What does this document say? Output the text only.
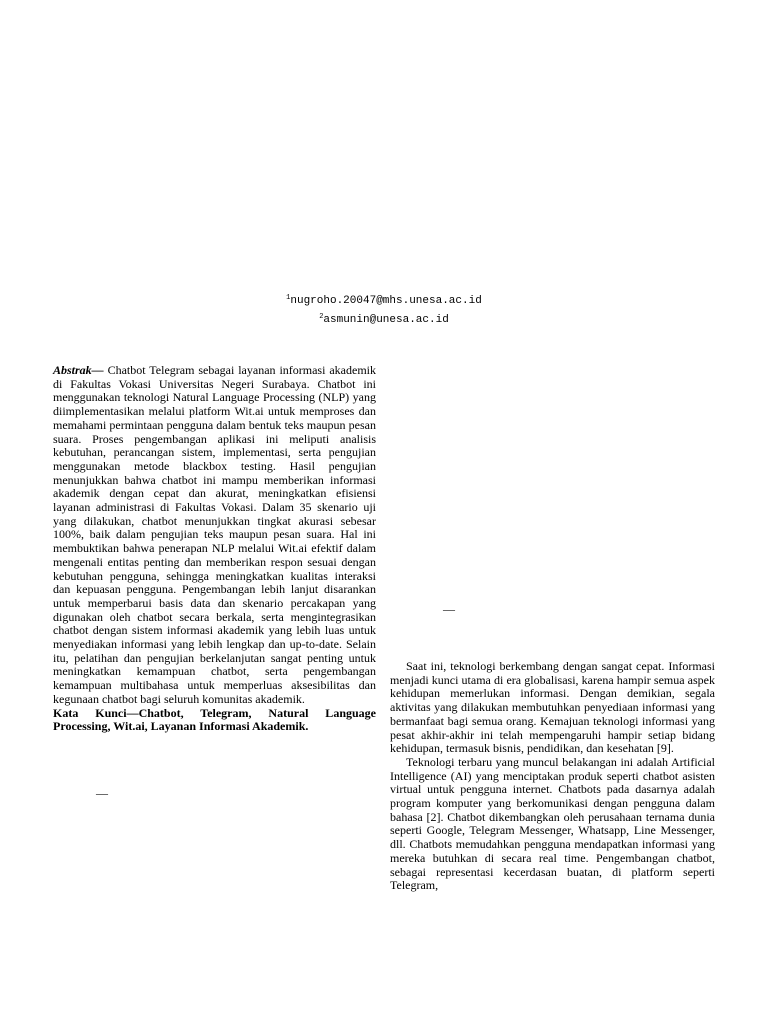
$^1$nugroho.20047@mhs.unesa.ac.id
$^2$asmunin@unesa.ac.id

Abstrak— Chatbot Telegram sebagai layanan informasi akademik di Fakultas Vokasi Universitas Negeri Surabaya. Chatbot ini menggunakan teknologi Natural Language Processing (NLP) yang diimplementasikan melalui platform Wit.ai untuk memproses dan memahami permintaan pengguna dalam bentuk teks maupun pesan suara. Proses pengembangan aplikasi ini meliputi analisis kebutuhan, perancangan sistem, implementasi, serta pengujian menggunakan metode blackbox testing. Hasil pengujian menunjukkan bahwa chatbot ini mampu memberikan informasi akademik dengan cepat dan akurat, meningkatkan efisiensi layanan administrasi di Fakultas Vokasi. Dalam 35 skenario uji yang dilakukan, chatbot menunjukkan tingkat akurasi sebesar 100%, baik dalam pengujian teks maupun pesan suara. Hal ini membuktikan bahwa penerapan NLP melalui Wit.ai efektif dalam mengenali entitas penting dan memberikan respon sesuai dengan kebutuhan pengguna, sehingga meningkatkan kualitas interaksi dan kepuasan pengguna. Pengembangan lebih lanjut disarankan untuk memperbarui basis data dan skenario percakapan yang digunakan oleh chatbot secara berkala, serta mengintegrasikan chatbot dengan sistem informasi akademik yang lebih luas untuk menyediakan informasi yang lebih lengkap dan up-to-date. Selain itu, pelatihan dan pengujian berkelanjutan sangat penting untuk meningkatkan kemampuan chatbot, serta pengembangan kemampuan multibahasa untuk memperluas aksesibilitas dan kegunaan chatbot bagi seluruh komunitas akademik.

Kata Kunci—Chatbot, Telegram, Natural Language Processing, Wit.ai, Layanan Informasi Akademik.

—
—

Saat ini, teknologi berkembang dengan sangat cepat. Informasi menjadi kunci utama di era globalisasi, karena hampir semua aspek kehidupan memerlukan informasi. Dengan demikian, segala aktivitas yang dilakukan membutuhkan penyediaan informasi yang bermanfaat bagi semua orang. Kemajuan teknologi informasi yang pesat akhir-akhir ini telah mempengaruhi hampir setiap bidang kehidupan, termasuk bisnis, pendidikan, dan kesehatan [9].

Teknologi terbaru yang muncul belakangan ini adalah Artificial Intelligence (AI) yang menciptakan produk seperti chatbot asisten virtual untuk pengguna internet. Chatbots pada dasarnya adalah program komputer yang berkomunikasi dengan pengguna dalam bahasa [2]. Chatbot dikembangkan oleh perusahaan ternama dunia seperti Google, Telegram Messenger, Whatsapp, Line Messenger, dll. Chatbots memudahkan pengguna mendapatkan informasi yang mereka butuhkan di secara real time. Pengembangan chatbot, sebagai representasi kecerdasan buatan, di platform seperti Telegram,
